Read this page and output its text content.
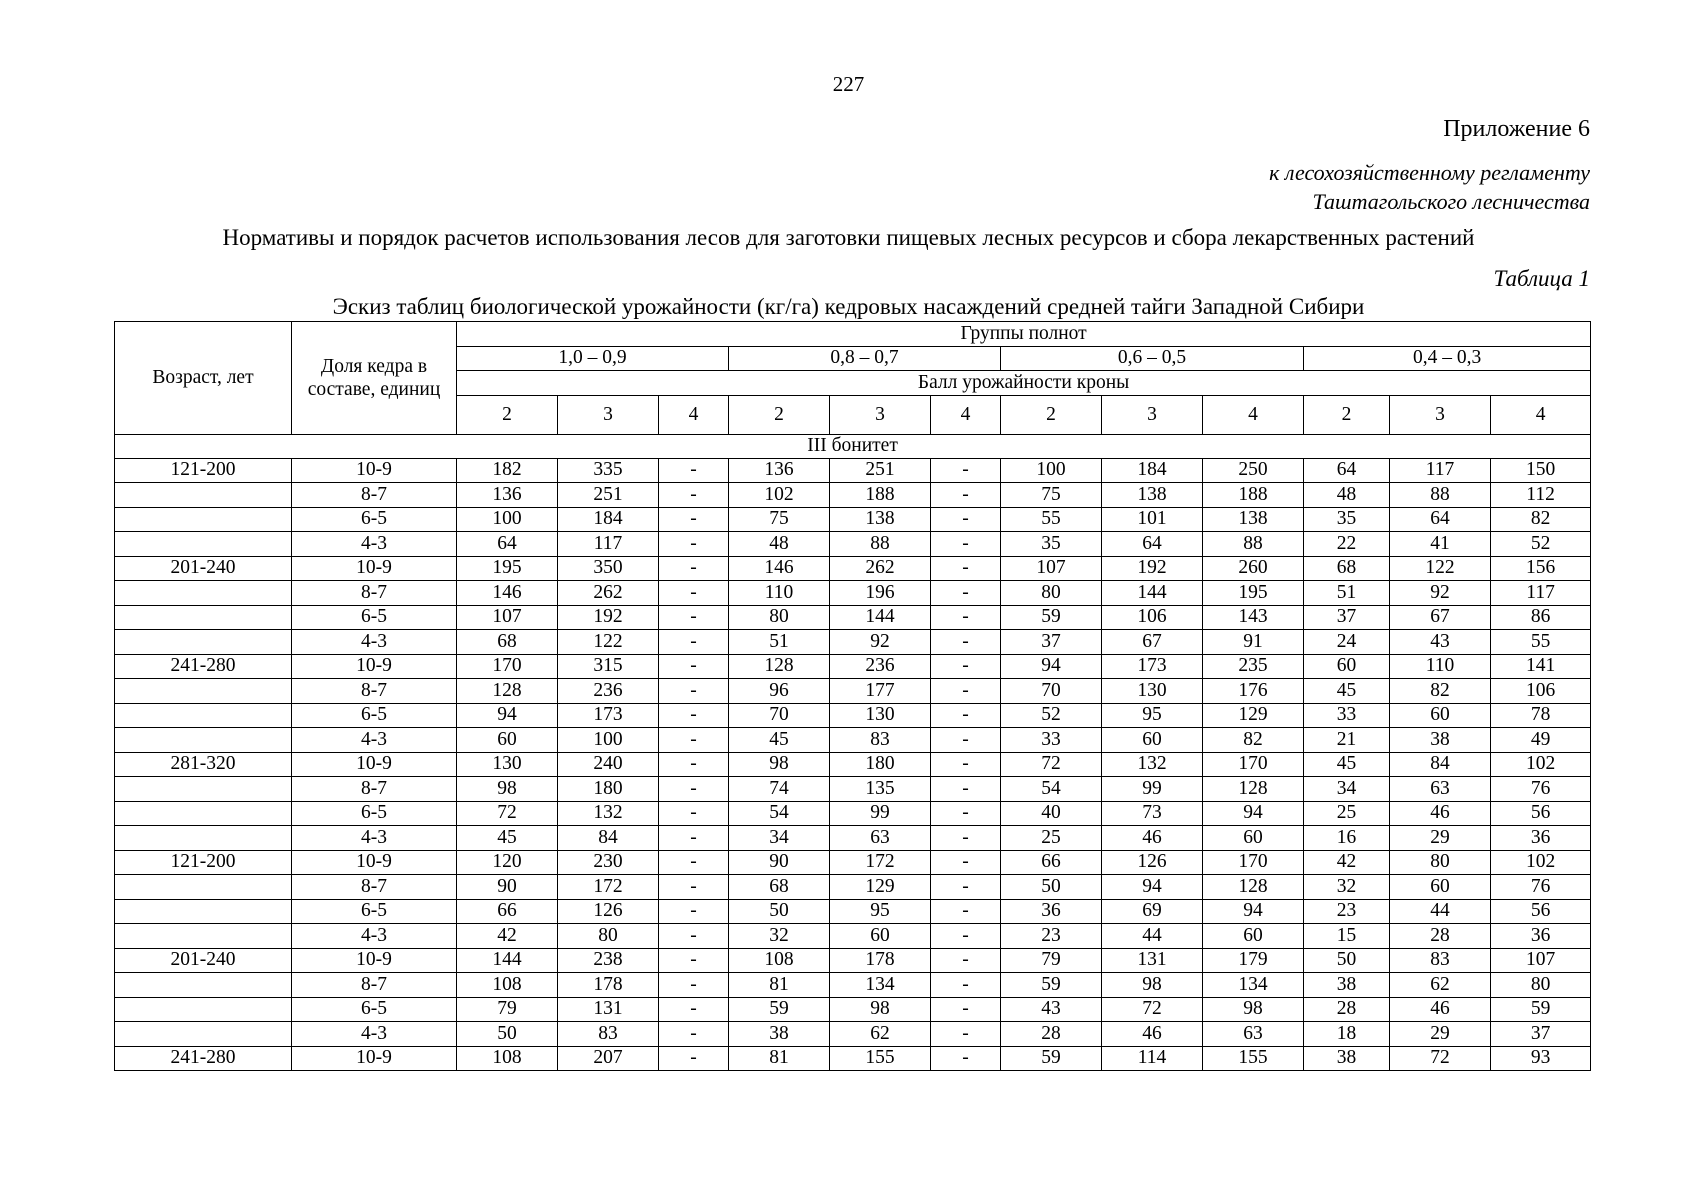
227
Приложение 6
к лесохозяйственному регламенту
Таштагольского лесничества
Нормативы и порядок расчетов использования лесов для заготовки пищевых лесных ресурсов и сбора лекарственных растений
Таблица 1
Эскиз таблиц биологической урожайности (кг/га) кедровых насаждений средней тайги Западной Сибири
Возраст, лет	Доля кедра в составе, единиц	Группы полнот											
		1,0 – 0,9			0,8 – 0,7			0,6 – 0,5			0,4 – 0,3		
		Балл урожайности кроны											
		2	3	4	2	3	4	2	3	4	2	3	4
III бонитет													
121-200	10-9	182	335	-	136	251	-	100	184	250	64	117	150
	8-7	136	251	-	102	188	-	75	138	188	48	88	112
	6-5	100	184	-	75	138	-	55	101	138	35	64	82
	4-3	64	117	-	48	88	-	35	64	88	22	41	52
201-240	10-9	195	350	-	146	262	-	107	192	260	68	122	156
	8-7	146	262	-	110	196	-	80	144	195	51	92	117
	6-5	107	192	-	80	144	-	59	106	143	37	67	86
	4-3	68	122	-	51	92	-	37	67	91	24	43	55
241-280	10-9	170	315	-	128	236	-	94	173	235	60	110	141
	8-7	128	236	-	96	177	-	70	130	176	45	82	106
	6-5	94	173	-	70	130	-	52	95	129	33	60	78
	4-3	60	100	-	45	83	-	33	60	82	21	38	49
281-320	10-9	130	240	-	98	180	-	72	132	170	45	84	102
	8-7	98	180	-	74	135	-	54	99	128	34	63	76
	6-5	72	132	-	54	99	-	40	73	94	25	46	56
	4-3	45	84	-	34	63	-	25	46	60	16	29	36
121-200	10-9	120	230	-	90	172	-	66	126	170	42	80	102
	8-7	90	172	-	68	129	-	50	94	128	32	60	76
	6-5	66	126	-	50	95	-	36	69	94	23	44	56
	4-3	42	80	-	32	60	-	23	44	60	15	28	36
201-240	10-9	144	238	-	108	178	-	79	131	179	50	83	107
	8-7	108	178	-	81	134	-	59	98	134	38	62	80
	6-5	79	131	-	59	98	-	43	72	98	28	46	59
	4-3	50	83	-	38	62	-	28	46	63	18	29	37
241-280	10-9	108	207	-	81	155	-	59	114	155	38	72	93
